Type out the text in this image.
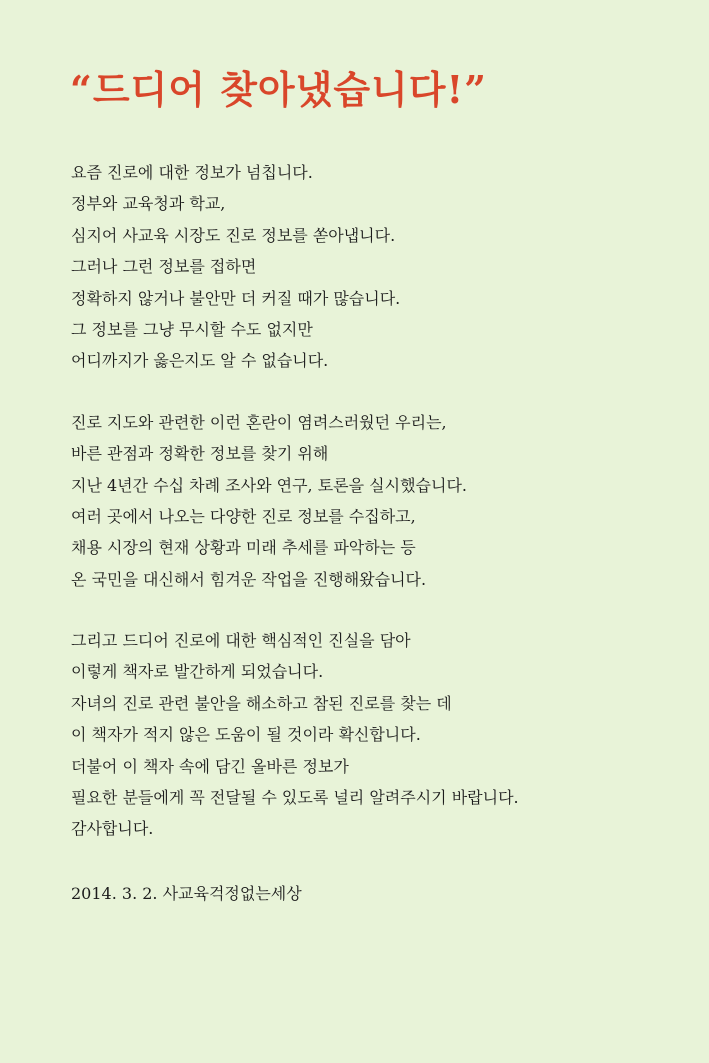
“드디어 찾아냈습니다!”
요즘 진로에 대한 정보가 넘칩니다.
정부와 교육청과 학교,
심지어 사교육 시장도 진로 정보를 쏟아냅니다.
그러나 그런 정보를 접하면
정확하지 않거나 불안만 더 커질 때가 많습니다.
그 정보를 그냥 무시할 수도 없지만
어디까지가 옳은지도 알 수 없습니다.
진로 지도와 관련한 이런 혼란이 염려스러웠던 우리는,
바른 관점과 정확한 정보를 찾기 위해
지난 4년간 수십 차례 조사와 연구, 토론을 실시했습니다.
여러 곳에서 나오는 다양한 진로 정보를 수집하고,
채용 시장의 현재 상황과 미래 추세를 파악하는 등
온 국민을 대신해서 힘겨운 작업을 진행해왔습니다.
그리고 드디어 진로에 대한 핵심적인 진실을 담아
이렇게 책자로 발간하게 되었습니다.
자녀의 진로 관련 불안을 해소하고 참된 진로를 찾는 데
이 책자가 적지 않은 도움이 될 것이라 확신합니다.
더불어 이 책자 속에 담긴 올바른 정보가
필요한 분들에게 꼭 전달될 수 있도록 널리 알려주시기 바랍니다.
감사합니다.
2014. 3. 2. 사교육걱정없는세상
